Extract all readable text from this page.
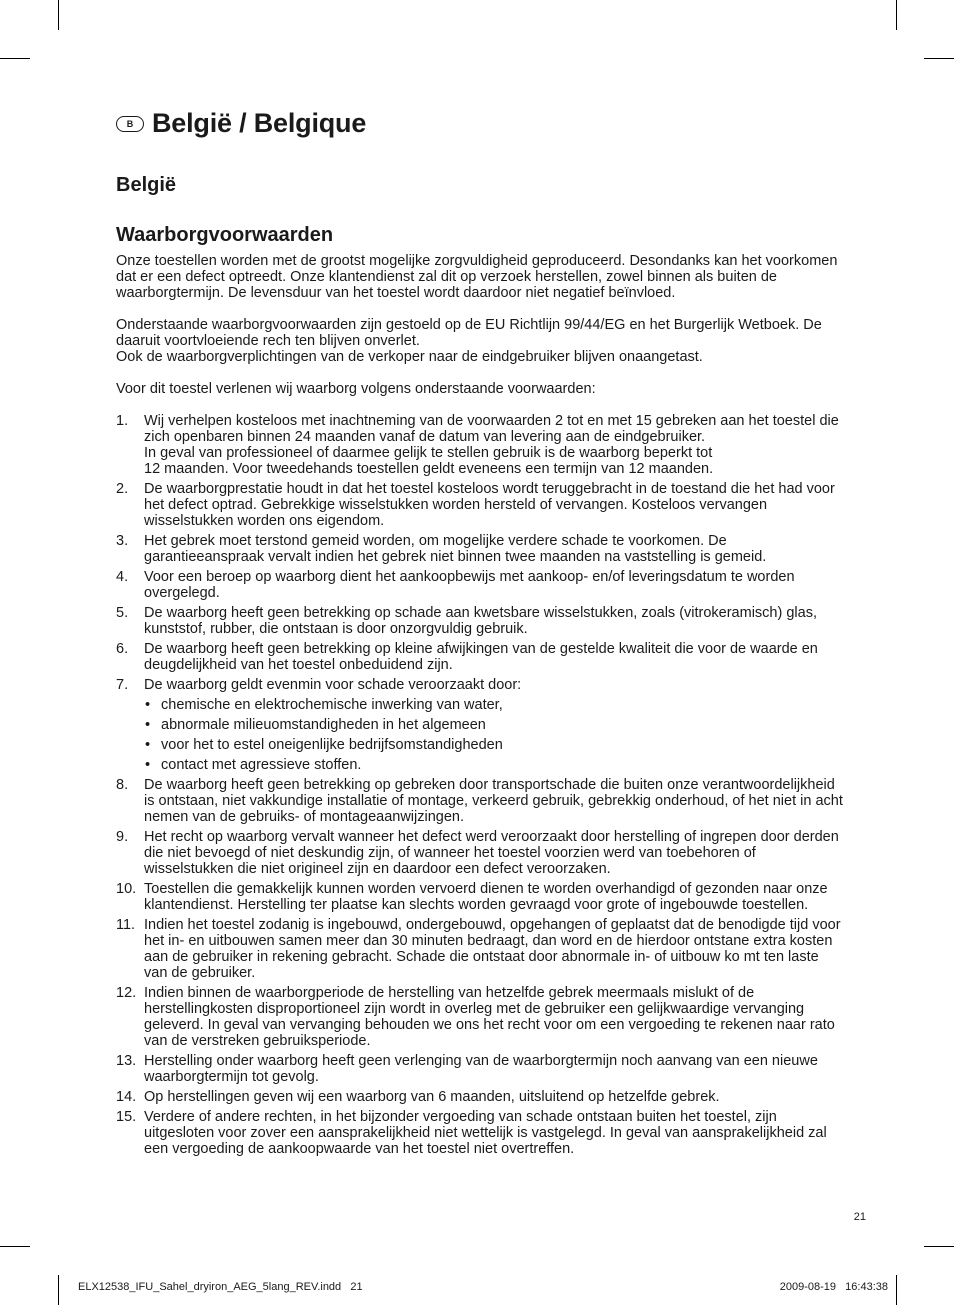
B België / Belgique
België
Waarborgvoorwaarden

Onze toestellen worden met de grootst mogelijke zorgvuldigheid geproduceerd. Desondanks kan het voorkomen dat er een defect optreedt. Onze klantendienst zal dit op verzoek herstellen, zowel binnen als buiten de waarborgtermijn. De levensduur van het toestel wordt daardoor niet negatief beïnvloed.

Onderstaande waarborgvoorwaarden zijn gestoeld op de EU Richtlijn 99/44/EG en het Burgerlijk Wetboek. De daaruit voortvloeiende rech ten blijven onverlet.
Ook de waarborgverplichtingen van de verkoper naar de eindgebruiker blijven onaangetast.

Voor dit toestel verlenen wij waarborg volgens onderstaande voorwaarden:

1. Wij verhelpen kosteloos met inachtneming van de voorwaarden 2 tot en met 15 gebreken aan het toestel die zich openbaren binnen 24 maanden vanaf de datum van levering aan de eindgebruiker.
In geval van professioneel of daarmee gelijk te stellen gebruik is de waarborg beperkt tot
12 maanden. Voor tweedehands toestellen geldt eveneens een termijn van 12 maanden.
2. De waarborgprestatie houdt in dat het toestel kosteloos wordt teruggebracht in de toestand die het had voor het defect optrad. Gebrekkige wisselstukken worden hersteld of vervangen. Kosteloos vervangen wisselstukken worden ons eigendom.
3. Het gebrek moet terstond gemeid worden, om mogelijke verdere schade te voorkomen. De garantieeanspraak vervalt indien het gebrek niet binnen twee maanden na vaststelling is gemeid.
4. Voor een beroep op waarborg dient het aankoopbewijs met aankoop- en/of leveringsdatum te worden overgelegd.
5. De waarborg heeft geen betrekking op schade aan kwetsbare wisselstukken, zoals (vitrokeramisch) glas, kunststof, rubber, die ontstaan is door onzorgvuldig gebruik.
6. De waarborg heeft geen betrekking op kleine afwijkingen van de gestelde kwaliteit die voor de waarde en deugdelijkheid van het toestel onbeduidend zijn.
7. De waarborg geldt evenmin voor schade veroorzaakt door:
• chemische en elektrochemische inwerking van water,
• abnormale milieuomstandigheden in het algemeen
• voor het to estel oneigenlijke bedrijfsomstandigheden
• contact met agressieve stoffen.
8. De waarborg heeft geen betrekking op gebreken door transportschade die buiten onze verantwoordelijkheid is ontstaan, niet vakkundige installatie of montage, verkeerd gebruik, gebrekkig onderhoud, of het niet in acht nemen van de gebruiks- of montageaanwijzingen.
9. Het recht op waarborg vervalt wanneer het defect werd veroorzaakt door herstelling of ingrepen door derden die niet bevoegd of niet deskundig zijn, of wanneer het toestel voorzien werd van toebehoren of wisselstukken die niet origineel zijn en daardoor een defect veroorzaken.
10. Toestellen die gemakkelijk kunnen worden vervoerd dienen te worden overhandigd of gezonden naar onze klantendienst. Herstelling ter plaatse kan slechts worden gevraagd voor grote of ingebouwde toestellen.
11. Indien het toestel zodanig is ingebouwd, ondergebouwd, opgehangen of geplaatst dat de benodigde tijd voor het in- en uitbouwen samen meer dan 30 minuten bedraagt, dan word en de hierdoor ontstane extra kosten aan de gebruiker in rekening gebracht. Schade die ontstaat door abnormale in- of uitbouw ko mt ten laste van de gebruiker.
12. Indien binnen de waarborgperiode de herstelling van hetzelfde gebrek meermaals mislukt of de herstellingkosten disproportioneel zijn wordt in overleg met de gebruiker een gelijkwaardige vervanging geleverd. In geval van vervanging behouden we ons het recht voor om een vergoeding te rekenen naar rato van de verstreken gebruiksperiode.
13. Herstelling onder waarborg heeft geen verlenging van de waarborgtermijn noch aanvang van een nieuwe waarborgtermijn tot gevolg.
14. Op herstellingen geven wij een waarborg van 6 maanden, uitsluitend op hetzelfde gebrek.
15. Verdere of andere rechten, in het bijzonder vergoeding van schade ontstaan buiten het toestel, zijn uitgesloten voor zover een aansprakelijkheid niet wettelijk is vastgelegd. In geval van aansprakelijkheid zal een vergoeding de aankoopwaarde van het toestel niet overtreffen.
21
ELX12538_IFU_Sahel_dryiron_AEG_5lang_REV.indd   21	2009-08-19   16:43:38
